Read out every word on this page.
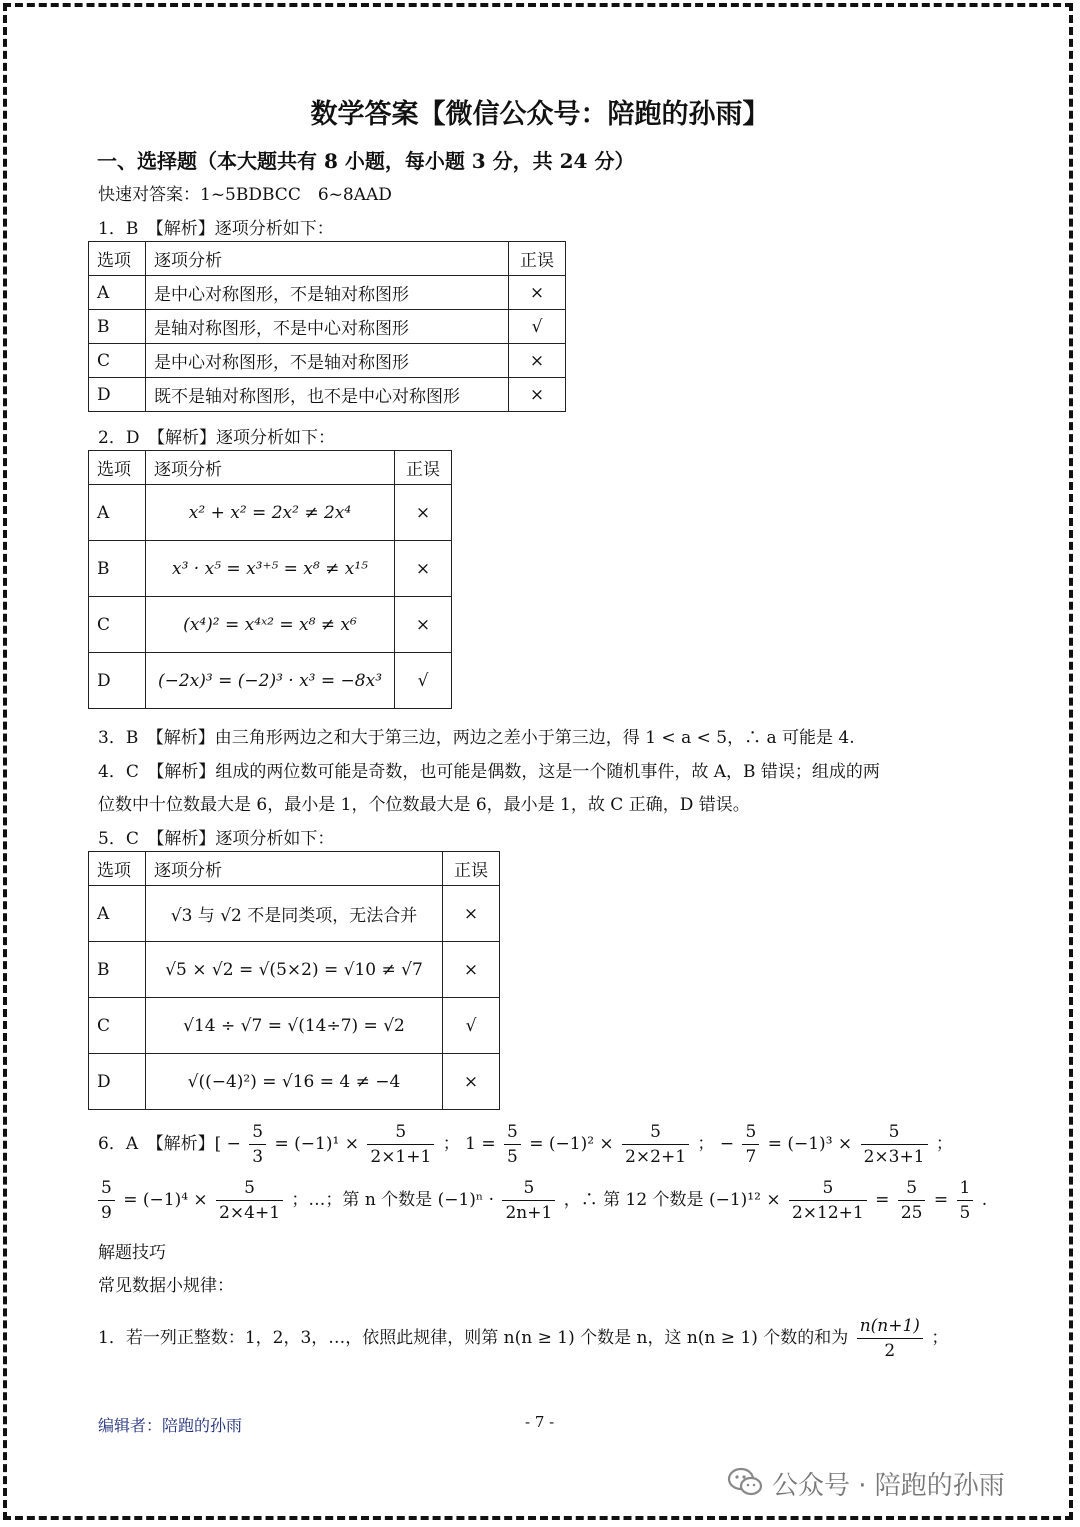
数学答案【微信公众号：陪跑的孙雨】
一、选择题（本大题共有 8 小题，每小题 3 分，共 24 分）
快速对答案：1~5BDBCC　6~8AAD
1．B　【解析】逐项分析如下：
选项	逐项分析	正误
A	是中心对称图形，不是轴对称图形	×
B	是轴对称图形，不是中心对称图形	√
C	是中心对称图形，不是轴对称图形	×
D	既不是轴对称图形，也不是中心对称图形	×
2．D　【解析】逐项分析如下：
选项	逐项分析	正误
A	x² + x² = 2x² ≠ 2x⁴	×
B	x³ · x⁵ = x³⁺⁵ = x⁸ ≠ x¹⁵	×
C	(x⁴)² = x⁴ˣ² = x⁸ ≠ x⁶	×
D	(−2x)³ = (−2)³ · x³ = −8x³	√
3．B　【解析】由三角形两边之和大于第三边，两边之差小于第三边，得 1 < a < 5，∴ a 可能是 4.
4．C　【解析】组成的两位数可能是奇数，也可能是偶数，这是一个随机事件，故 A，B 错误；组成的两
位数中十位数最大是 6，最小是 1，个位数最大是 6，最小是 1，故 C 正确，D 错误。
5．C　【解析】逐项分析如下：
选项	逐项分析	正误
A	√3 与 √2 不是同类项，无法合并	×
B	√5 × √2 = √(5×2) = √10 ≠ √7	×
C	√14 ÷ √7 = √(14÷7) = √2	√
D	√((−4)²) = √16 = 4 ≠ −4	×
6．A　【解析】[ − $\frac{5}{3} = (-1)^1 \times \frac{5}{2\times 1+1}$ ； $1 = \frac{5}{5} = (-1)^2 \times \frac{5}{2\times 2+1}$ ； − $\frac{5}{7} = (-1)^3 \times \frac{5}{2\times 3+1}$ ；
$\frac{5}{9} = (-1)^4 \times \frac{5}{2\times 4+1}$ ；…；第 n 个数是 $(-1)^n \cdot \frac{5}{2n+1}$ ，∴ 第 12 个数是 $(-1)^{12} \times \frac{5}{2\times 12+1} = \frac{5}{25} = \frac{1}{5}$ .
解题技巧
常见数据小规律：
1．若一列正整数：1，2，3，…，依照此规律，则第 n(n ≥ 1) 个数是 n，这 n(n ≥ 1) 个数的和为 $\frac{n(n+1)}{2}$ ；
编辑者：陪跑的孙雨	- 7 -
公众号 · 陪跑的孙雨
